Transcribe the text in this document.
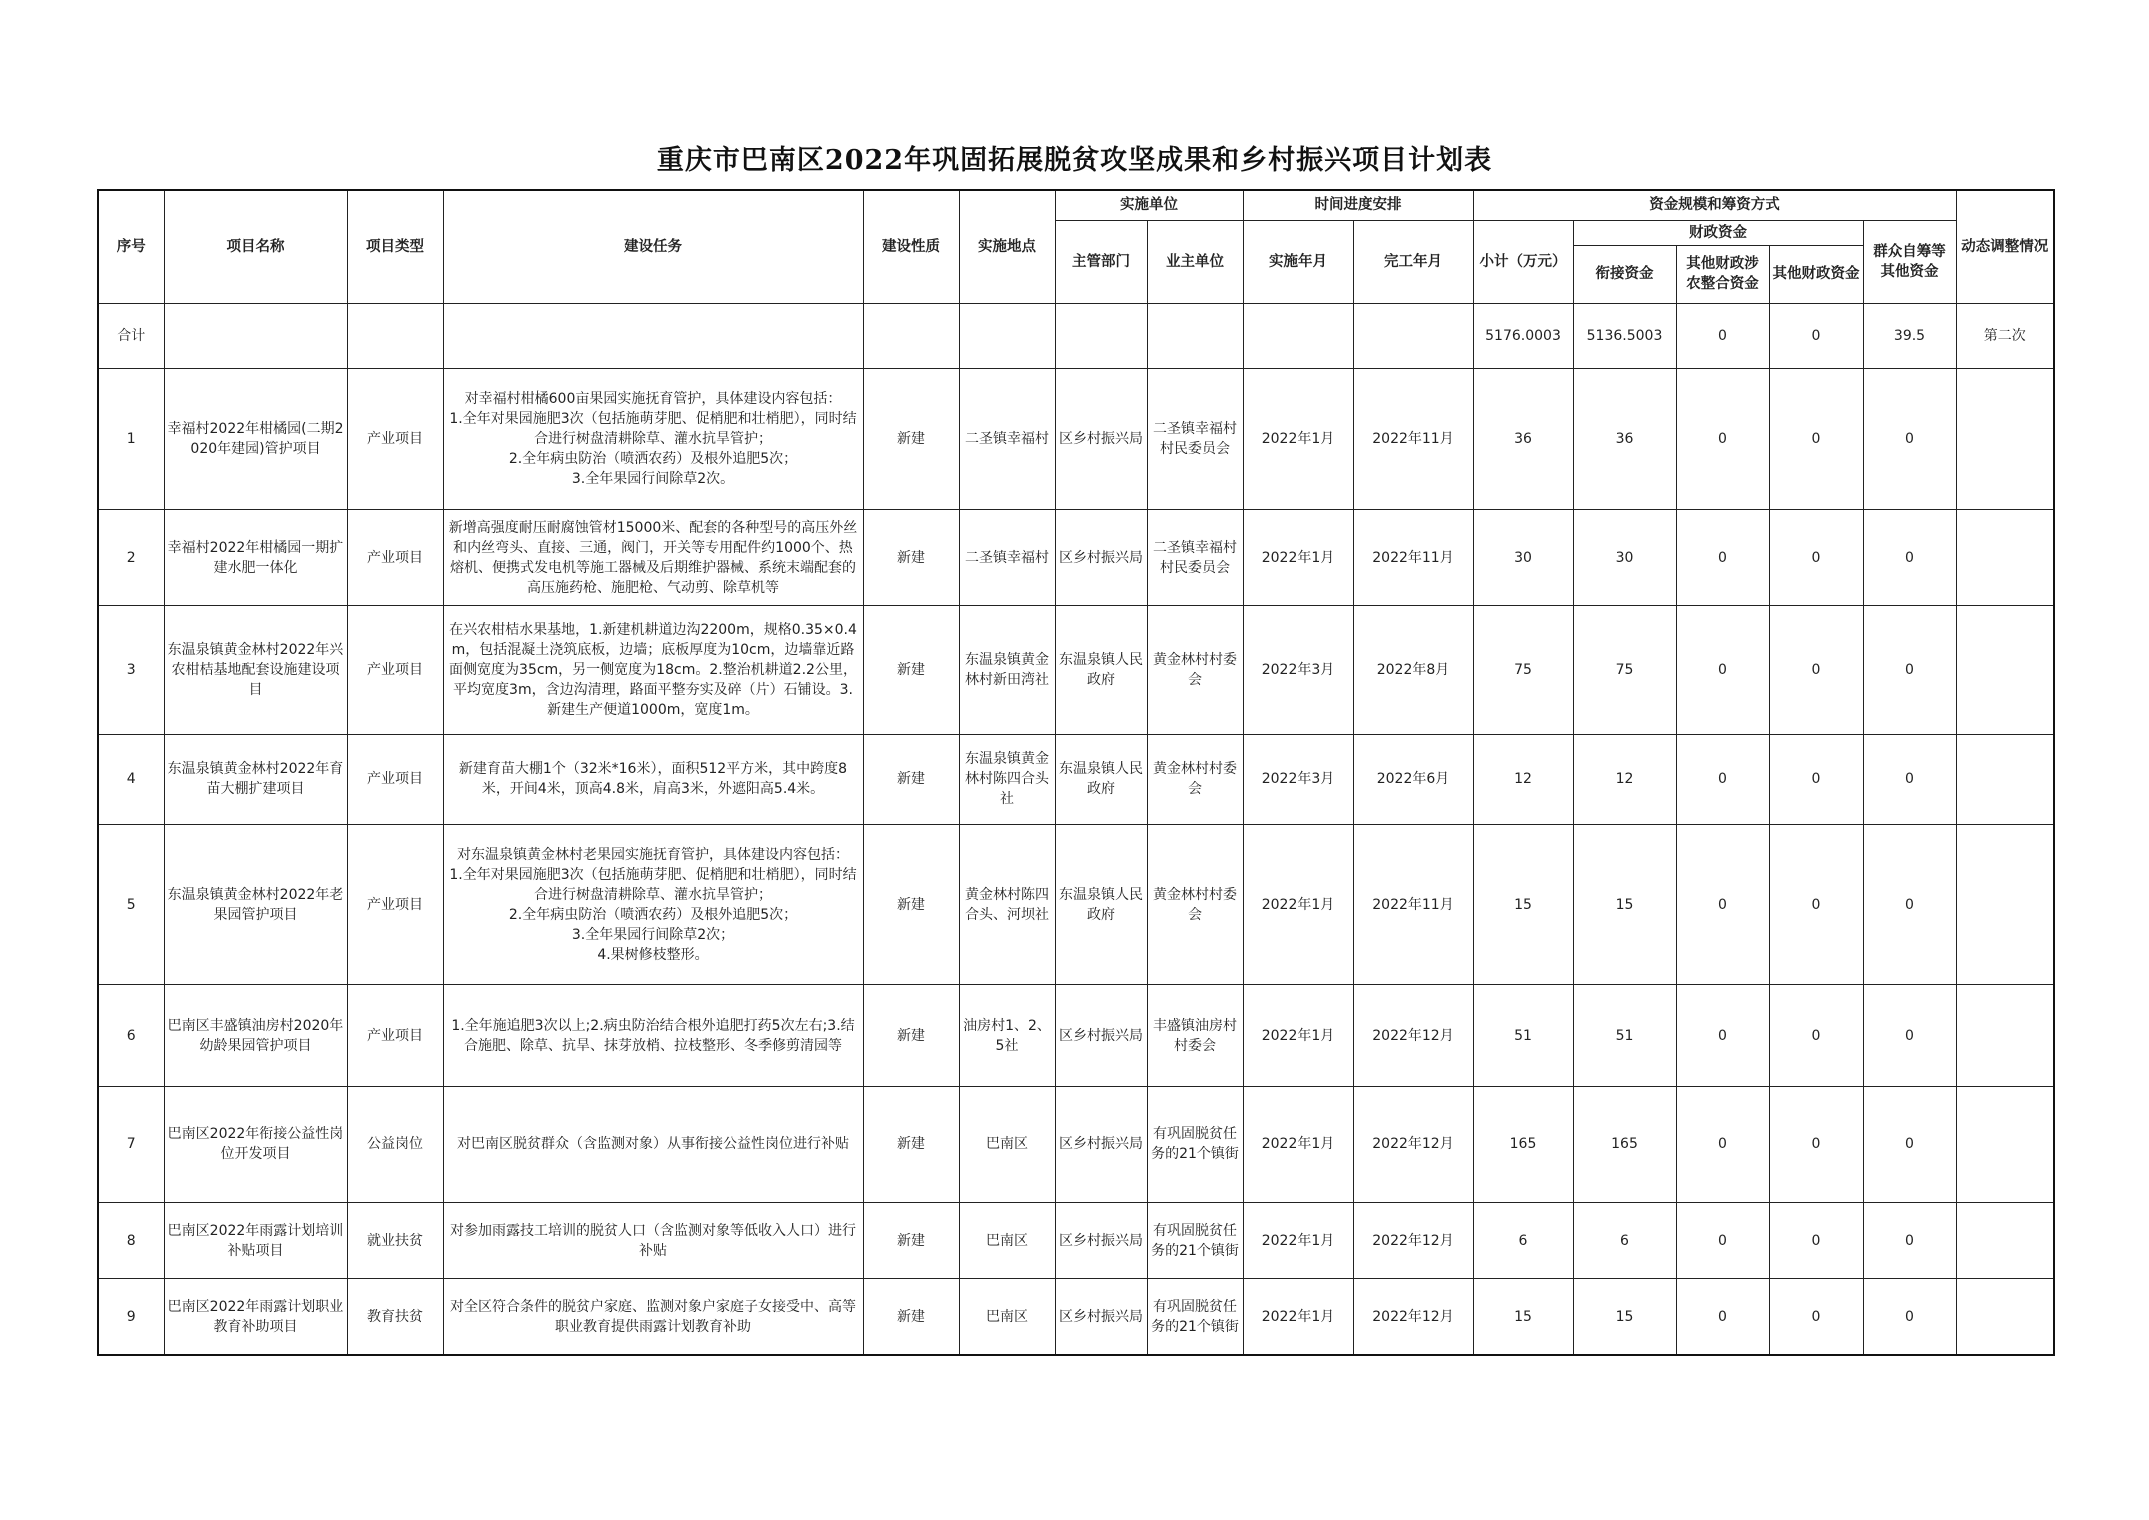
重庆市巴南区2022年巩固拓展脱贫攻坚成果和乡村振兴项目计划表
序号	项目名称	项目类型	建设任务	建设性质	实施地点	实施单位		时间进度安排		资金规模和筹资方式					动态调整情况
						主管部门	业主单位	实施年月	完工年月	小计（万元）	财政资金			群众自筹等其他资金	
											衔接资金	其他财政涉农整合资金	其他财政资金		
合计										5176.0003	5136.5003	0	0	39.5	第二次
1	幸福村2022年柑橘园(二期2020年建园)管护项目	产业项目	对幸福村柑橘600亩果园实施抚育管护，具体建设内容包括：
1.全年对果园施肥3次（包括施萌芽肥、促梢肥和壮梢肥），同时结合进行树盘清耕除草、灌水抗旱管护；
2.全年病虫防治（喷洒农药）及根外追肥5次；
3.全年果园行间除草2次。	新建	二圣镇幸福村	区乡村振兴局	二圣镇幸福村村民委员会	2022年1月	2022年11月	36	36	0	0	0	
2	幸福村2022年柑橘园一期扩建水肥一体化	产业项目	新增高强度耐压耐腐蚀管材15000米、配套的各种型号的高压外丝和内丝弯头、直接、三通，阀门，开关等专用配件约1000个、热熔机、便携式发电机等施工器械及后期维护器械、系统末端配套的高压施药枪、施肥枪、气动剪、除草机等	新建	二圣镇幸福村	区乡村振兴局	二圣镇幸福村村民委员会	2022年1月	2022年11月	30	30	0	0	0	
3	东温泉镇黄金林村2022年兴农柑桔基地配套设施建设项目	产业项目	在兴农柑桔水果基地，1.新建机耕道边沟2200m，规格0.35×0.4m，包括混凝土浇筑底板，边墙；底板厚度为10cm，边墙靠近路面侧宽度为35cm，另一侧宽度为18cm。2.整治机耕道2.2公里，平均宽度3m，含边沟清理，路面平整夯实及碎（片）石铺设。3.新建生产便道1000m，宽度1m。	新建	东温泉镇黄金林村新田湾社	东温泉镇人民政府	黄金林村村委会	2022年3月	2022年8月	75	75	0	0	0	
4	东温泉镇黄金林村2022年育苗大棚扩建项目	产业项目	新建育苗大棚1个（32米*16米），面积512平方米，其中跨度8米，开间4米，顶高4.8米，肩高3米，外遮阳高5.4米。	新建	东温泉镇黄金林村陈四合头社	东温泉镇人民政府	黄金林村村委会	2022年3月	2022年6月	12	12	0	0	0	
5	东温泉镇黄金林村2022年老果园管护项目	产业项目	对东温泉镇黄金林村老果园实施抚育管护，具体建设内容包括：
1.全年对果园施肥3次（包括施萌芽肥、促梢肥和壮梢肥），同时结合进行树盘清耕除草、灌水抗旱管护；
2.全年病虫防治（喷洒农药）及根外追肥5次；
3.全年果园行间除草2次；
4.果树修枝整形。	新建	黄金林村陈四合头、河坝社	东温泉镇人民政府	黄金林村村委会	2022年1月	2022年11月	15	15	0	0	0	
6	巴南区丰盛镇油房村2020年幼龄果园管护项目	产业项目	1.全年施追肥3次以上;2.病虫防治结合根外追肥打药5次左右;3.结合施肥、除草、抗旱、抹芽放梢、拉枝整形、冬季修剪清园等	新建	油房村1、2、5社	区乡村振兴局	丰盛镇油房村村委会	2022年1月	2022年12月	51	51	0	0	0	
7	巴南区2022年衔接公益性岗位开发项目	公益岗位	对巴南区脱贫群众（含监测对象）从事衔接公益性岗位进行补贴	新建	巴南区	区乡村振兴局	有巩固脱贫任务的21个镇街	2022年1月	2022年12月	165	165	0	0	0	
8	巴南区2022年雨露计划培训补贴项目	就业扶贫	对参加雨露技工培训的脱贫人口（含监测对象等低收入人口）进行补贴	新建	巴南区	区乡村振兴局	有巩固脱贫任务的21个镇街	2022年1月	2022年12月	6	6	0	0	0	
9	巴南区2022年雨露计划职业教育补助项目	教育扶贫	对全区符合条件的脱贫户家庭、监测对象户家庭子女接受中、高等职业教育提供雨露计划教育补助	新建	巴南区	区乡村振兴局	有巩固脱贫任务的21个镇街	2022年1月	2022年12月	15	15	0	0	0	
